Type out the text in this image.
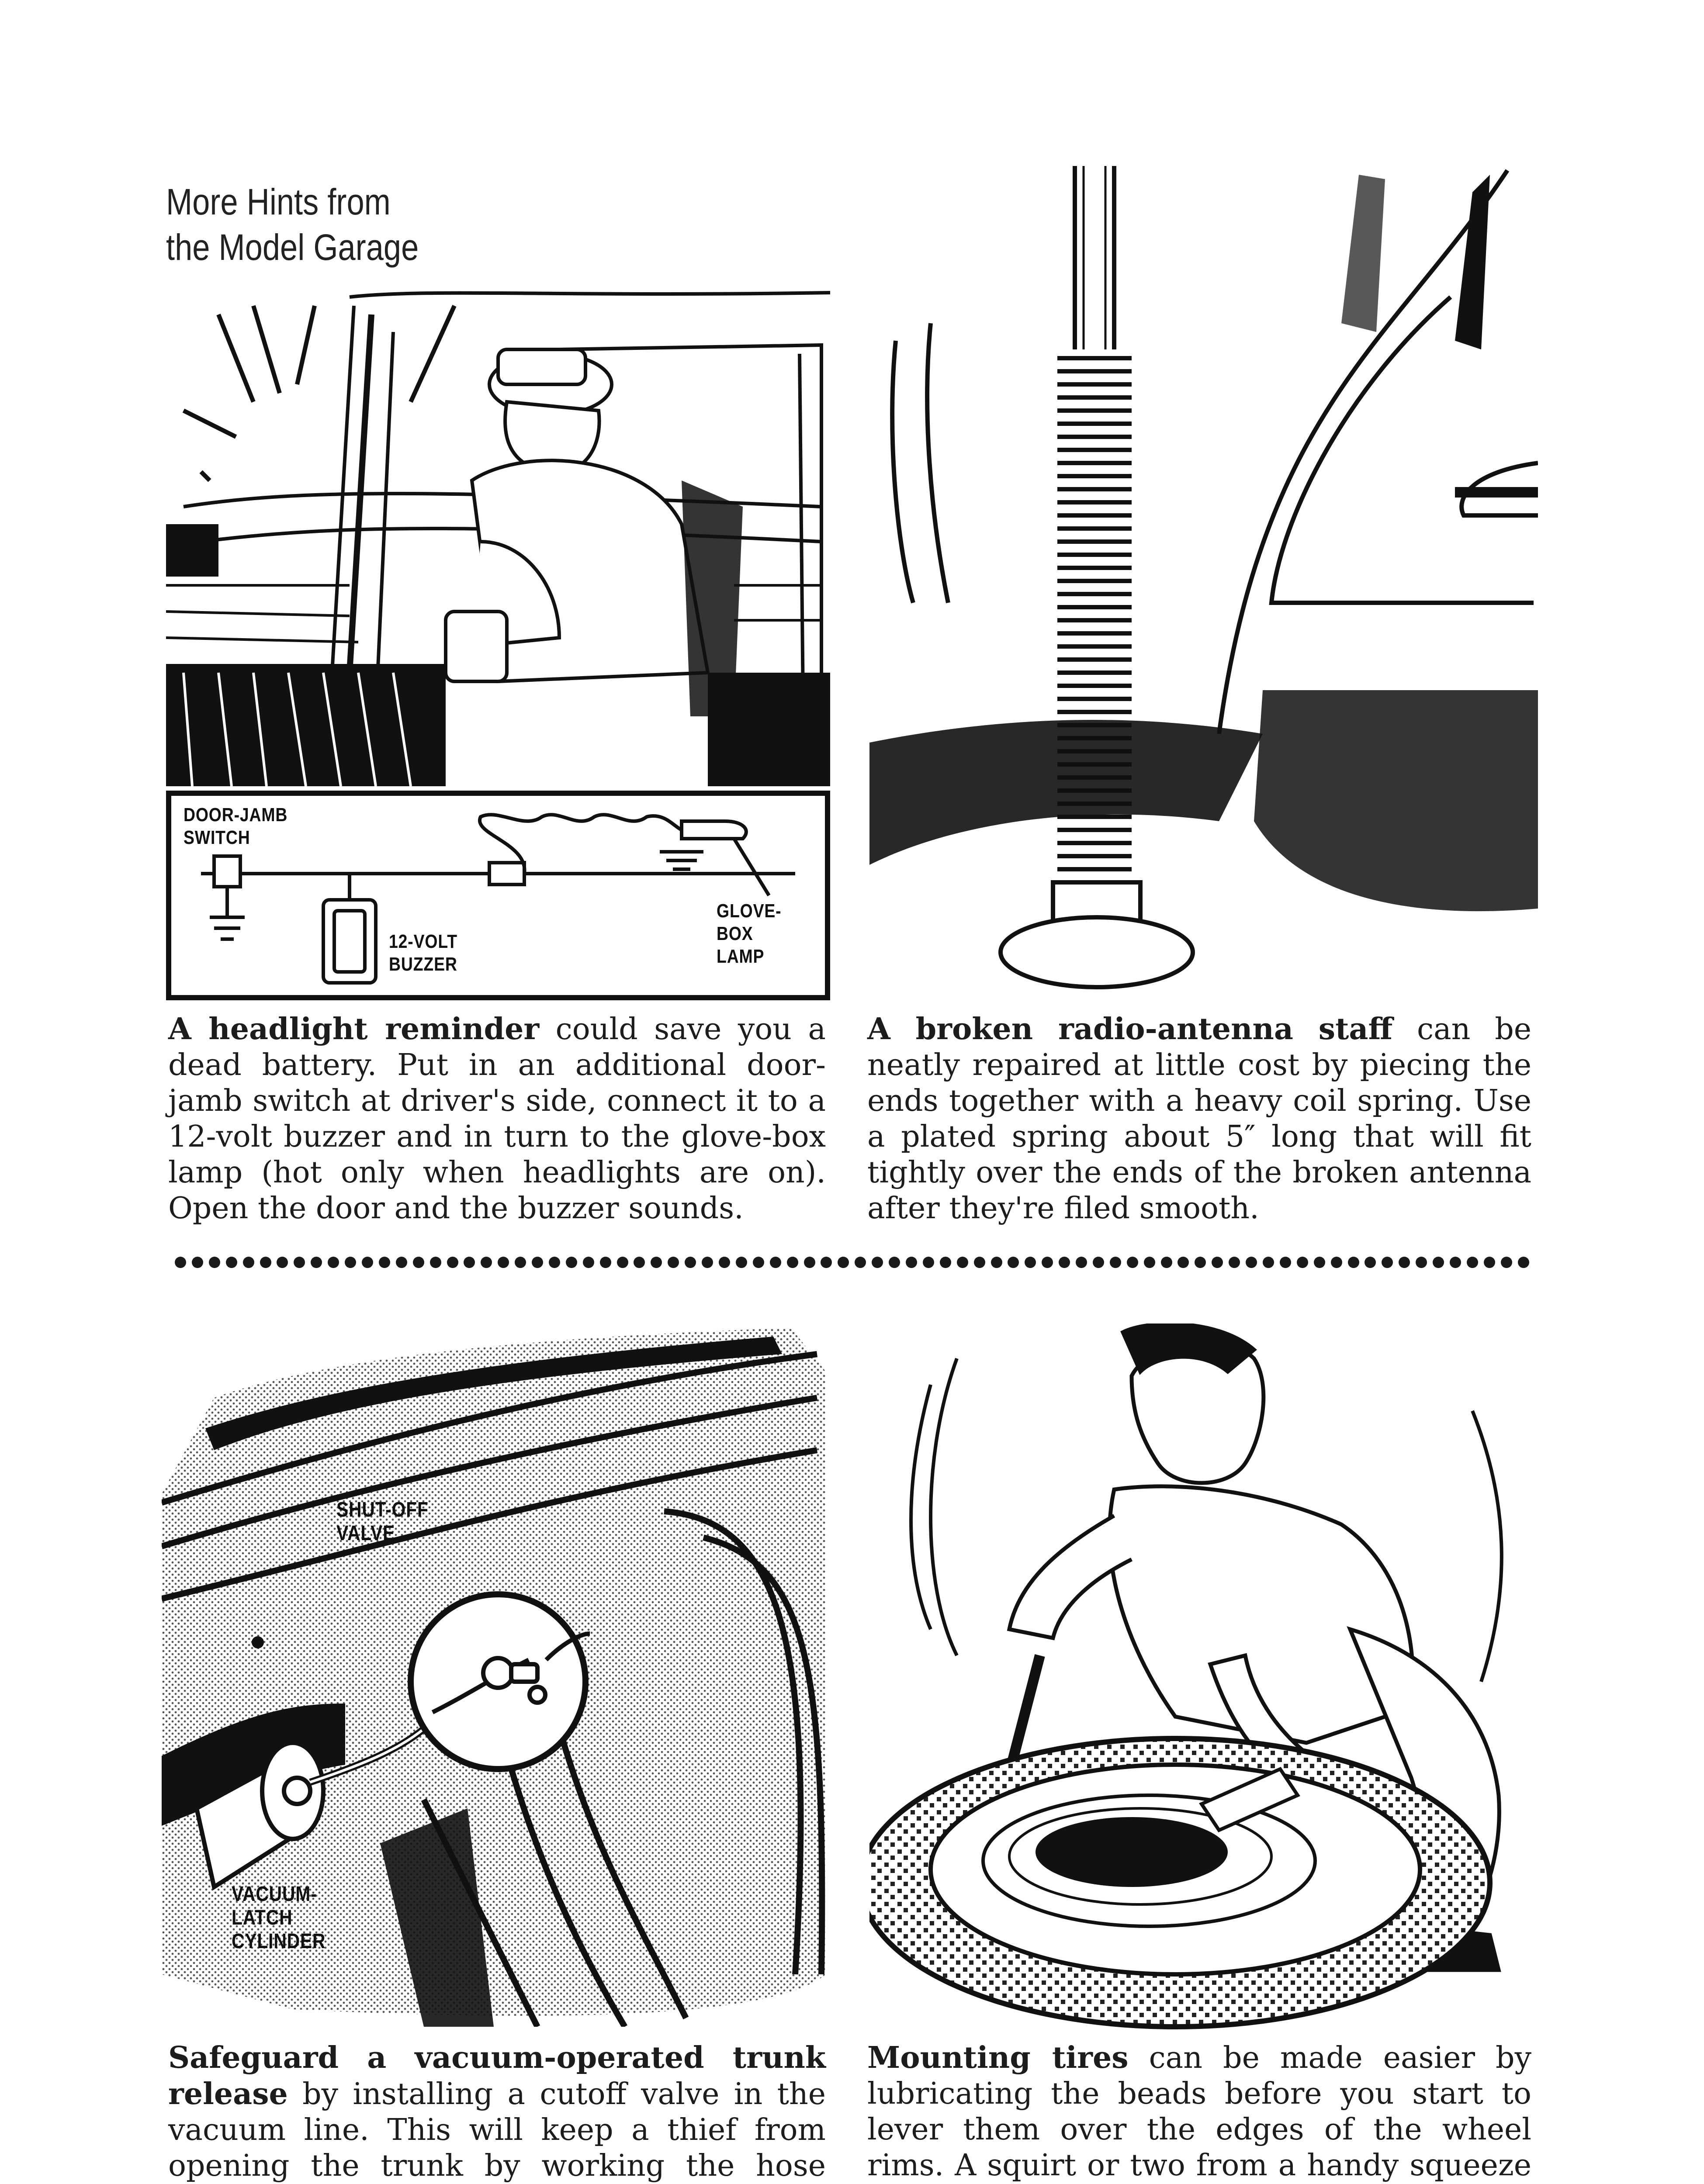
More Hints from
the Model Garage
DOOR-JAMB
SWITCH
12-VOLT
BUZZER
GLOVE-
BOX
LAMP
A headlight reminder could save you a dead battery. Put in an additional door-jamb switch at driver's side, connect it to a 12-volt buzzer and in turn to the glove-box lamp (hot only when headlights are on). Open the door and the buzzer sounds.
A broken radio-antenna staff can be neatly repaired at little cost by piecing the ends together with a heavy coil spring. Use a plated spring about 5″ long that will fit tightly over the ends of the broken antenna after they're filed smooth.
SHUT-OFF
VALVE
VACUUM-
LATCH
CYLINDER
Safeguard a vacuum-operated trunk release by installing a cutoff valve in the vacuum line. This will keep a thief from opening the trunk by working the hose
Mounting tires can be made easier by lubricating the beads before you start to lever them over the edges of the wheel rims. A squirt or two from a handy squeeze
